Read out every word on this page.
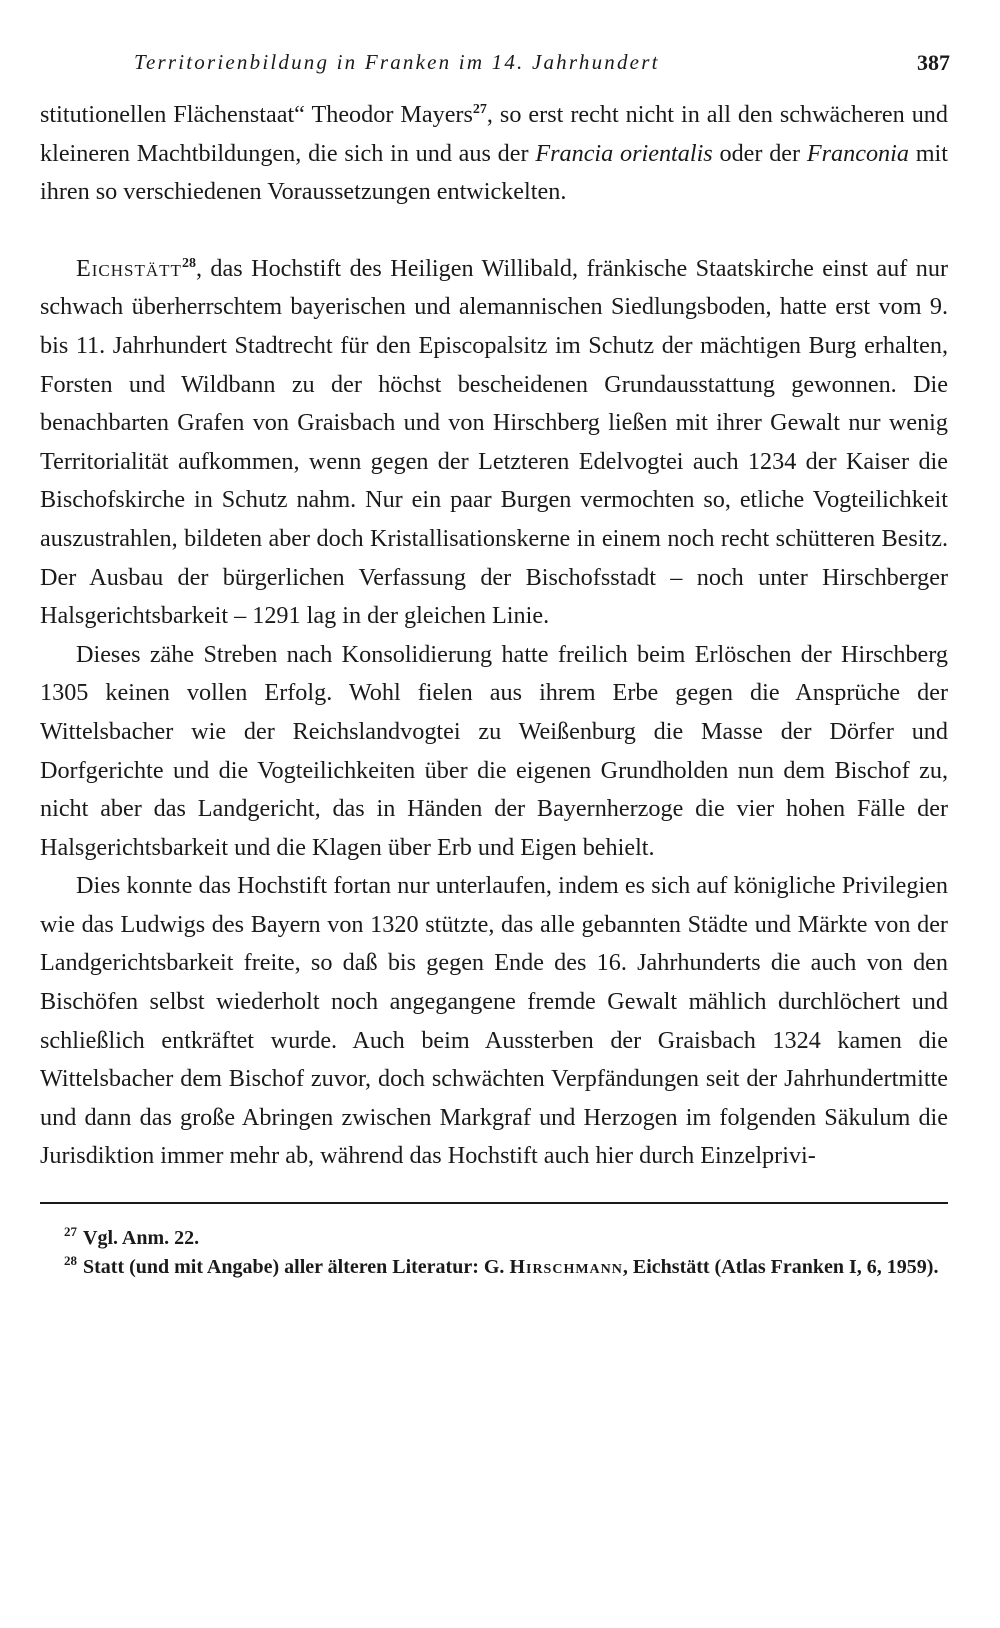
Territorienbildung in Franken im 14. Jahrhundert	387

stitutionellen Flächenstaat“ Theodor Mayers$^{27}$, so erst recht nicht in all den schwächeren und kleineren Machtbildungen, die sich in und aus der Francia orientalis oder der Franconia mit ihren so verschiedenen Voraussetzungen entwickelten.

Eichstätt$^{28}$, das Hochstift des Heiligen Willibald, fränkische Staatskirche einst auf nur schwach überherrschtem bayerischen und alemannischen Siedlungsboden, hatte erst vom 9. bis 11. Jahrhundert Stadtrecht für den Episcopalsitz im Schutz der mächtigen Burg erhalten, Forsten und Wildbann zu der höchst bescheidenen Grundausstattung gewonnen. Die benachbarten Grafen von Graisbach und von Hirschberg ließen mit ihrer Gewalt nur wenig Territorialität aufkommen, wenn gegen der Letzteren Edelvogtei auch 1234 der Kaiser die Bischofskirche in Schutz nahm. Nur ein paar Burgen vermochten so, etliche Vogteilichkeit auszustrahlen, bildeten aber doch Kristallisationskerne in einem noch recht schütteren Besitz. Der Ausbau der bürgerlichen Verfassung der Bischofsstadt – noch unter Hirschberger Halsgerichtsbarkeit – 1291 lag in der gleichen Linie.

Dieses zähe Streben nach Konsolidierung hatte freilich beim Erlöschen der Hirschberg 1305 keinen vollen Erfolg. Wohl fielen aus ihrem Erbe gegen die Ansprüche der Wittelsbacher wie der Reichslandvogtei zu Weißenburg die Masse der Dörfer und Dorfgerichte und die Vogteilichkeiten über die eigenen Grundholden nun dem Bischof zu, nicht aber das Landgericht, das in Händen der Bayernherzoge die vier hohen Fälle der Halsgerichtsbarkeit und die Klagen über Erb und Eigen behielt.

Dies konnte das Hochstift fortan nur unterlaufen, indem es sich auf königliche Privilegien wie das Ludwigs des Bayern von 1320 stützte, das alle gebannten Städte und Märkte von der Landgerichtsbarkeit freite, so daß bis gegen Ende des 16. Jahrhunderts die auch von den Bischöfen selbst wiederholt noch angegangene fremde Gewalt mählich durchlöchert und schließlich entkräftet wurde. Auch beim Aussterben der Graisbach 1324 kamen die Wittelsbacher dem Bischof zuvor, doch schwächten Verpfändungen seit der Jahrhundertmitte und dann das große Abringen zwischen Markgraf und Herzogen im folgenden Säkulum die Jurisdiktion immer mehr ab, während das Hochstift auch hier durch Einzelprivi-

$^{27}$ Vgl. Anm. 22.
$^{28}$ Statt (und mit Angabe) aller älteren Literatur: G. Hirschmann, Eichstätt (Atlas Franken I, 6, 1959).
